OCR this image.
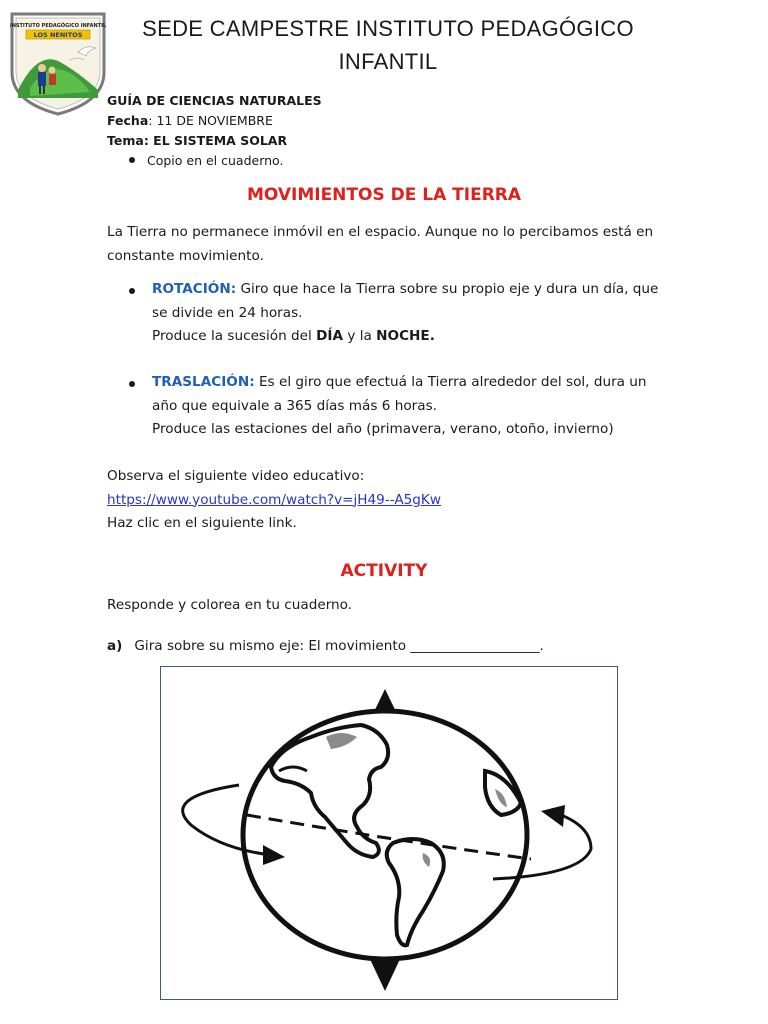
INSTITUTO PEDAGÓGICO INFANTIL
LOS NENITOS	SEDE CAMPESTRE INSTITUTO PEDAGÓGICO INFANTIL
GUÍA DE CIENCIAS NATURALES
Fecha: 11 DE NOVIEMBRE
Tema: EL SISTEMA SOLAR
Copio en el cuaderno.
MOVIMIENTOS DE LA TIERRA
La Tierra no permanece inmóvil en el espacio. Aunque no lo percibamos está en constante movimiento.
ROTACIÓN: Giro que hace la Tierra sobre su propio eje y dura un día, que se divide en 24 horas.
Produce la sucesión del DÍA y la NOCHE.
TRASLACIÓN: Es el giro que efectuá la Tierra alrededor del sol, dura un año que equivale a 365 días más 6 horas.
Produce las estaciones del año (primavera, verano, otoño, invierno)
Observa el siguiente video educativo:
https://www.youtube.com/watch?v=jH49--A5gKw
Haz clic en el siguiente link.
ACTIVITY
Responde y colorea en tu cuaderno.
a) Gira sobre su mismo eje: El movimiento ___________________.
